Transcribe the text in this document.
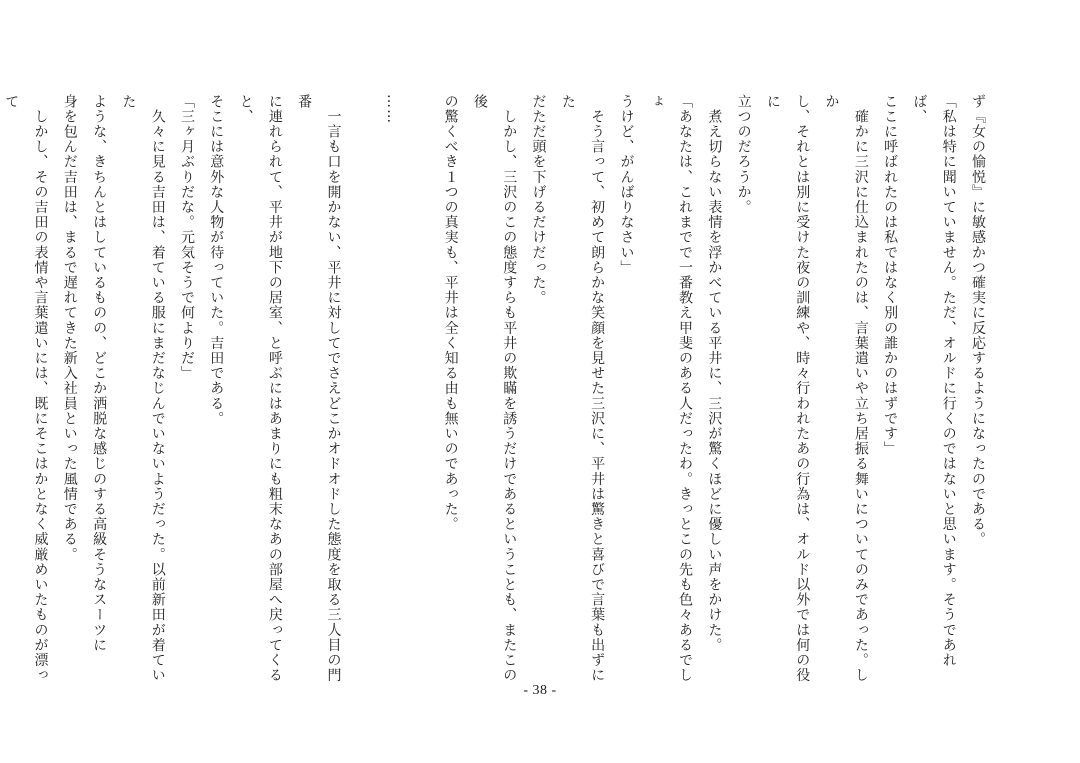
ず『女の愉悦』に敏感かつ確実に反応するようになったのである。
「私は特に聞いていません。ただ、オルドに行くのではないと思います。そうであれば、
ここに呼ばれたのは私ではなく別の誰かのはずです」
　確かに三沢に仕込まれたのは、言葉遣いや立ち居振る舞いについてのみであった。しか
し、それとは別に受けた夜の訓練や、時々行われたあの行為は、オルド以外では何の役に
立つのだろうか。
　煮え切らない表情を浮かべている平井に、三沢が驚くほどに優しい声をかけた。
「あなたは、これまでで一番教え甲斐のある人だったわ。きっとこの先も色々あるでしょ
うけど、がんばりなさい」
　そう言って、初めて朗らかな笑顔を見せた三沢に、平井は驚きと喜びで言葉も出ずにた
だただ頭を下げるだけだった。
　しかし、三沢のこの態度すらも平井の欺瞞を誘うだけであるということも、またこの後
の驚くべき１つの真実も、平井は全く知る由も無いのであった。

……

　一言も口を開かない、平井に対してでさえどこかオドオドした態度を取る三人目の門番
に連れられて、平井が地下の居室、と呼ぶにはあまりにも粗末なあの部屋へ戻ってくると、
そこには意外な人物が待っていた。吉田である。
「三ヶ月ぶりだな。元気そうで何よりだ」
　久々に見る吉田は、着ている服にまだなじんでいないようだった。以前新田が着ていた
ような、きちんとはしているものの、どこか洒脱な感じのする高級そうなスーツに
身を包んだ吉田は、まるで遅れてきた新入社員といった風情である。
　しかし、その吉田の表情や言葉遣いには、既にそこはかとなく威厳めいたものが漂って
- 38 -
